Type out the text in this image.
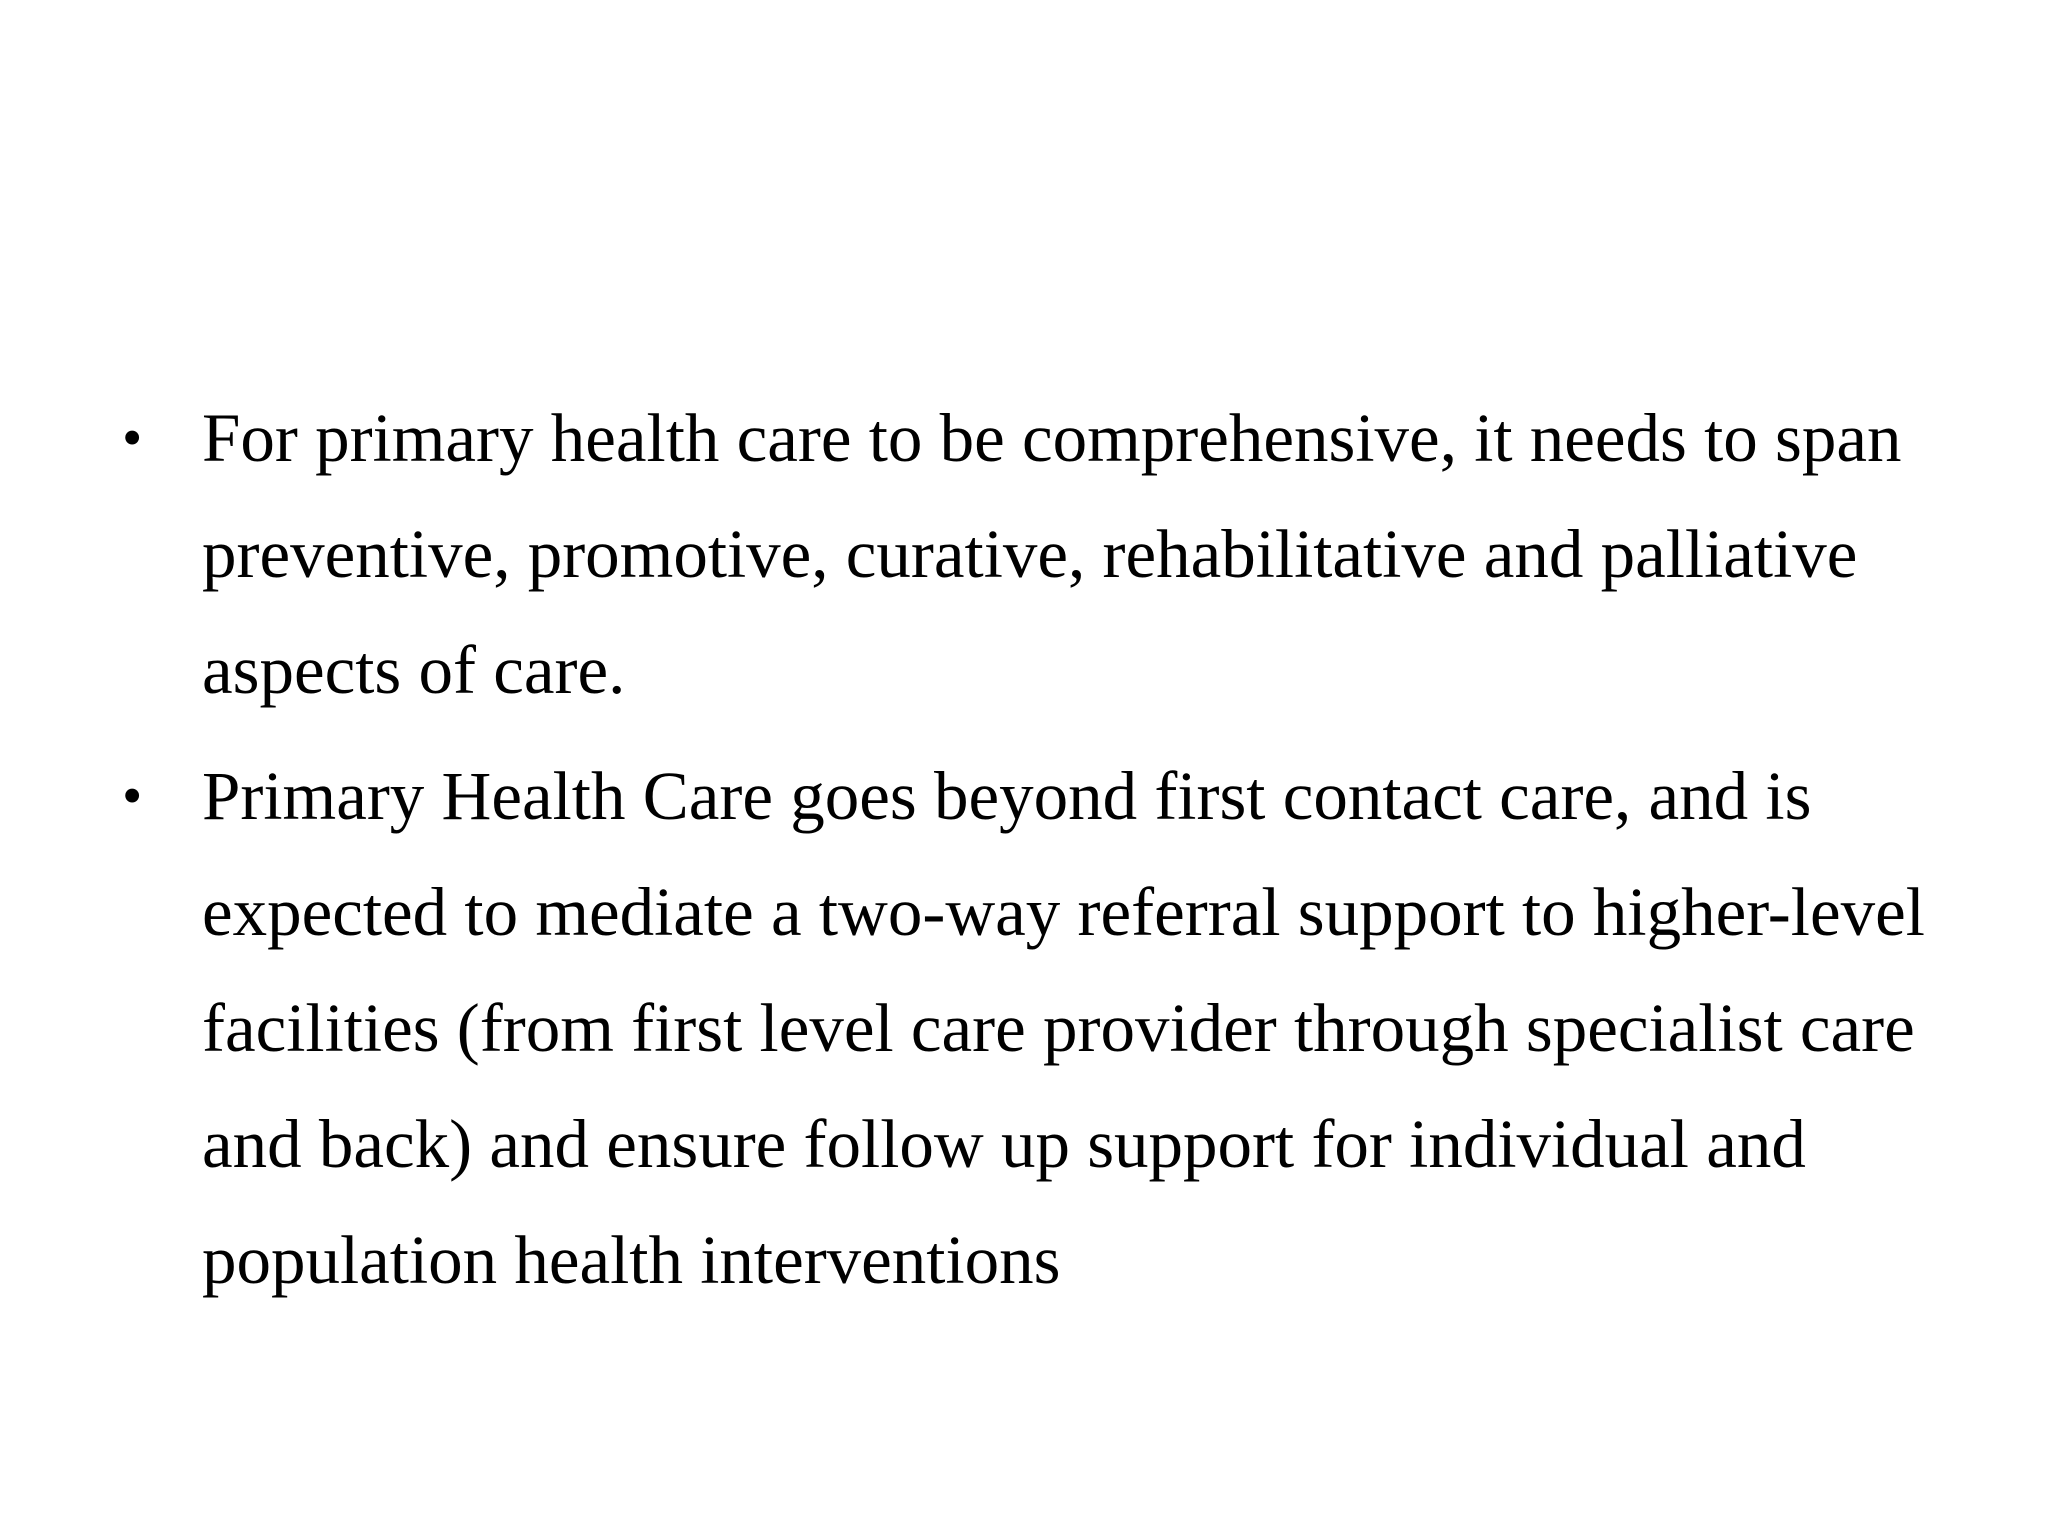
• For primary health care to be comprehensive, it needs to span
preventive, promotive, curative, rehabilitative and palliative
aspects of care.
• Primary Health Care goes beyond first contact care, and is
expected to mediate a two-way referral support to higher-level
facilities (from first level care provider through specialist care
and back) and ensure follow up support for individual and
population health interventions
